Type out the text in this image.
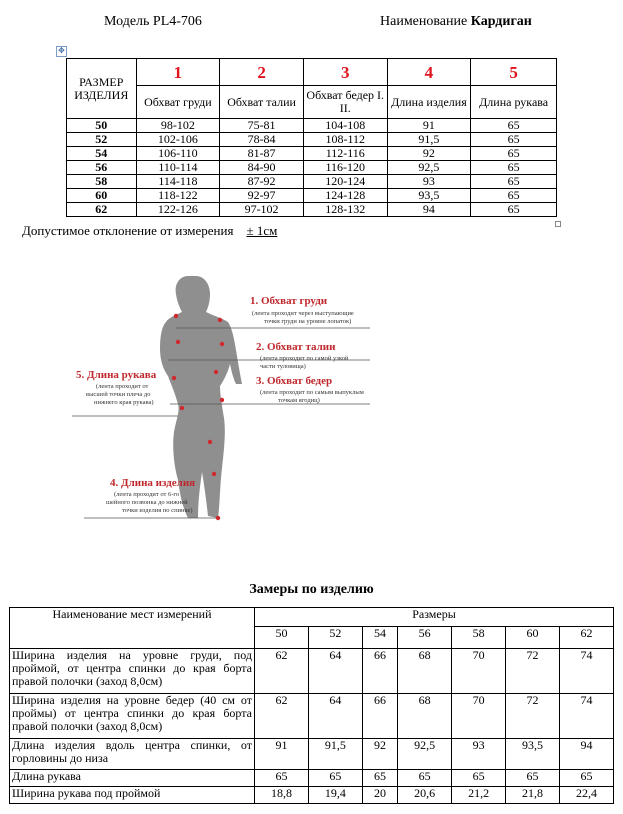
Модель PL4-706	Наименование Кардиган
✥
РАЗМЕР ИЗДЕЛИЯ	1	2	3	4	5
	Обхват груди	Обхват талии	Обхват бедер I. II.	Длина изделия	Длина рукава
50	98-102	75-81	104-108	91	65
52	102-106	78-84	108-112	91,5	65
54	106-110	81-87	112-116	92	65
56	110-114	84-90	116-120	92,5	65
58	114-118	87-92	120-124	93	65
60	118-122	92-97	124-128	93,5	65
62	122-126	97-102	128-132	94	65
Допустимое отклонение от измерения ± 1см
1. Обхват груди
(лента проходит через выступающие
точки груди на уровне лопаток)
2. Обхват талии
(лента проходит по самой узкой
части туловища)
3. Обхват бедер
(лента проходит по самым выпуклым
точкам ягодиц)
5. Длина рукава
(лента проходит от
высшей точки плеча до
нижнего края рукава)
4. Длина изделия
(лента проходит от 6-го
шейного позвонка до нижней
точки изделия по спинке)
Замеры по изделию
Наименование мест измерений	Размеры						
	50	52	54	56	58	60	62
Ширина изделия на уровне груди, под проймой, от центра спинки до края борта правой полочки (заход 8,0см)	62	64	66	68	70	72	74
Ширина изделия на уровне бедер (40 см от проймы) от центра спинки до края борта правой полочки (заход 8,0см)	62	64	66	68	70	72	74
Длина изделия вдоль центра спинки, от горловины до низа	91	91,5	92	92,5	93	93,5	94
Длина рукава	65	65	65	65	65	65	65
Ширина рукава под проймой	18,8	19,4	20	20,6	21,2	21,8	22,4
